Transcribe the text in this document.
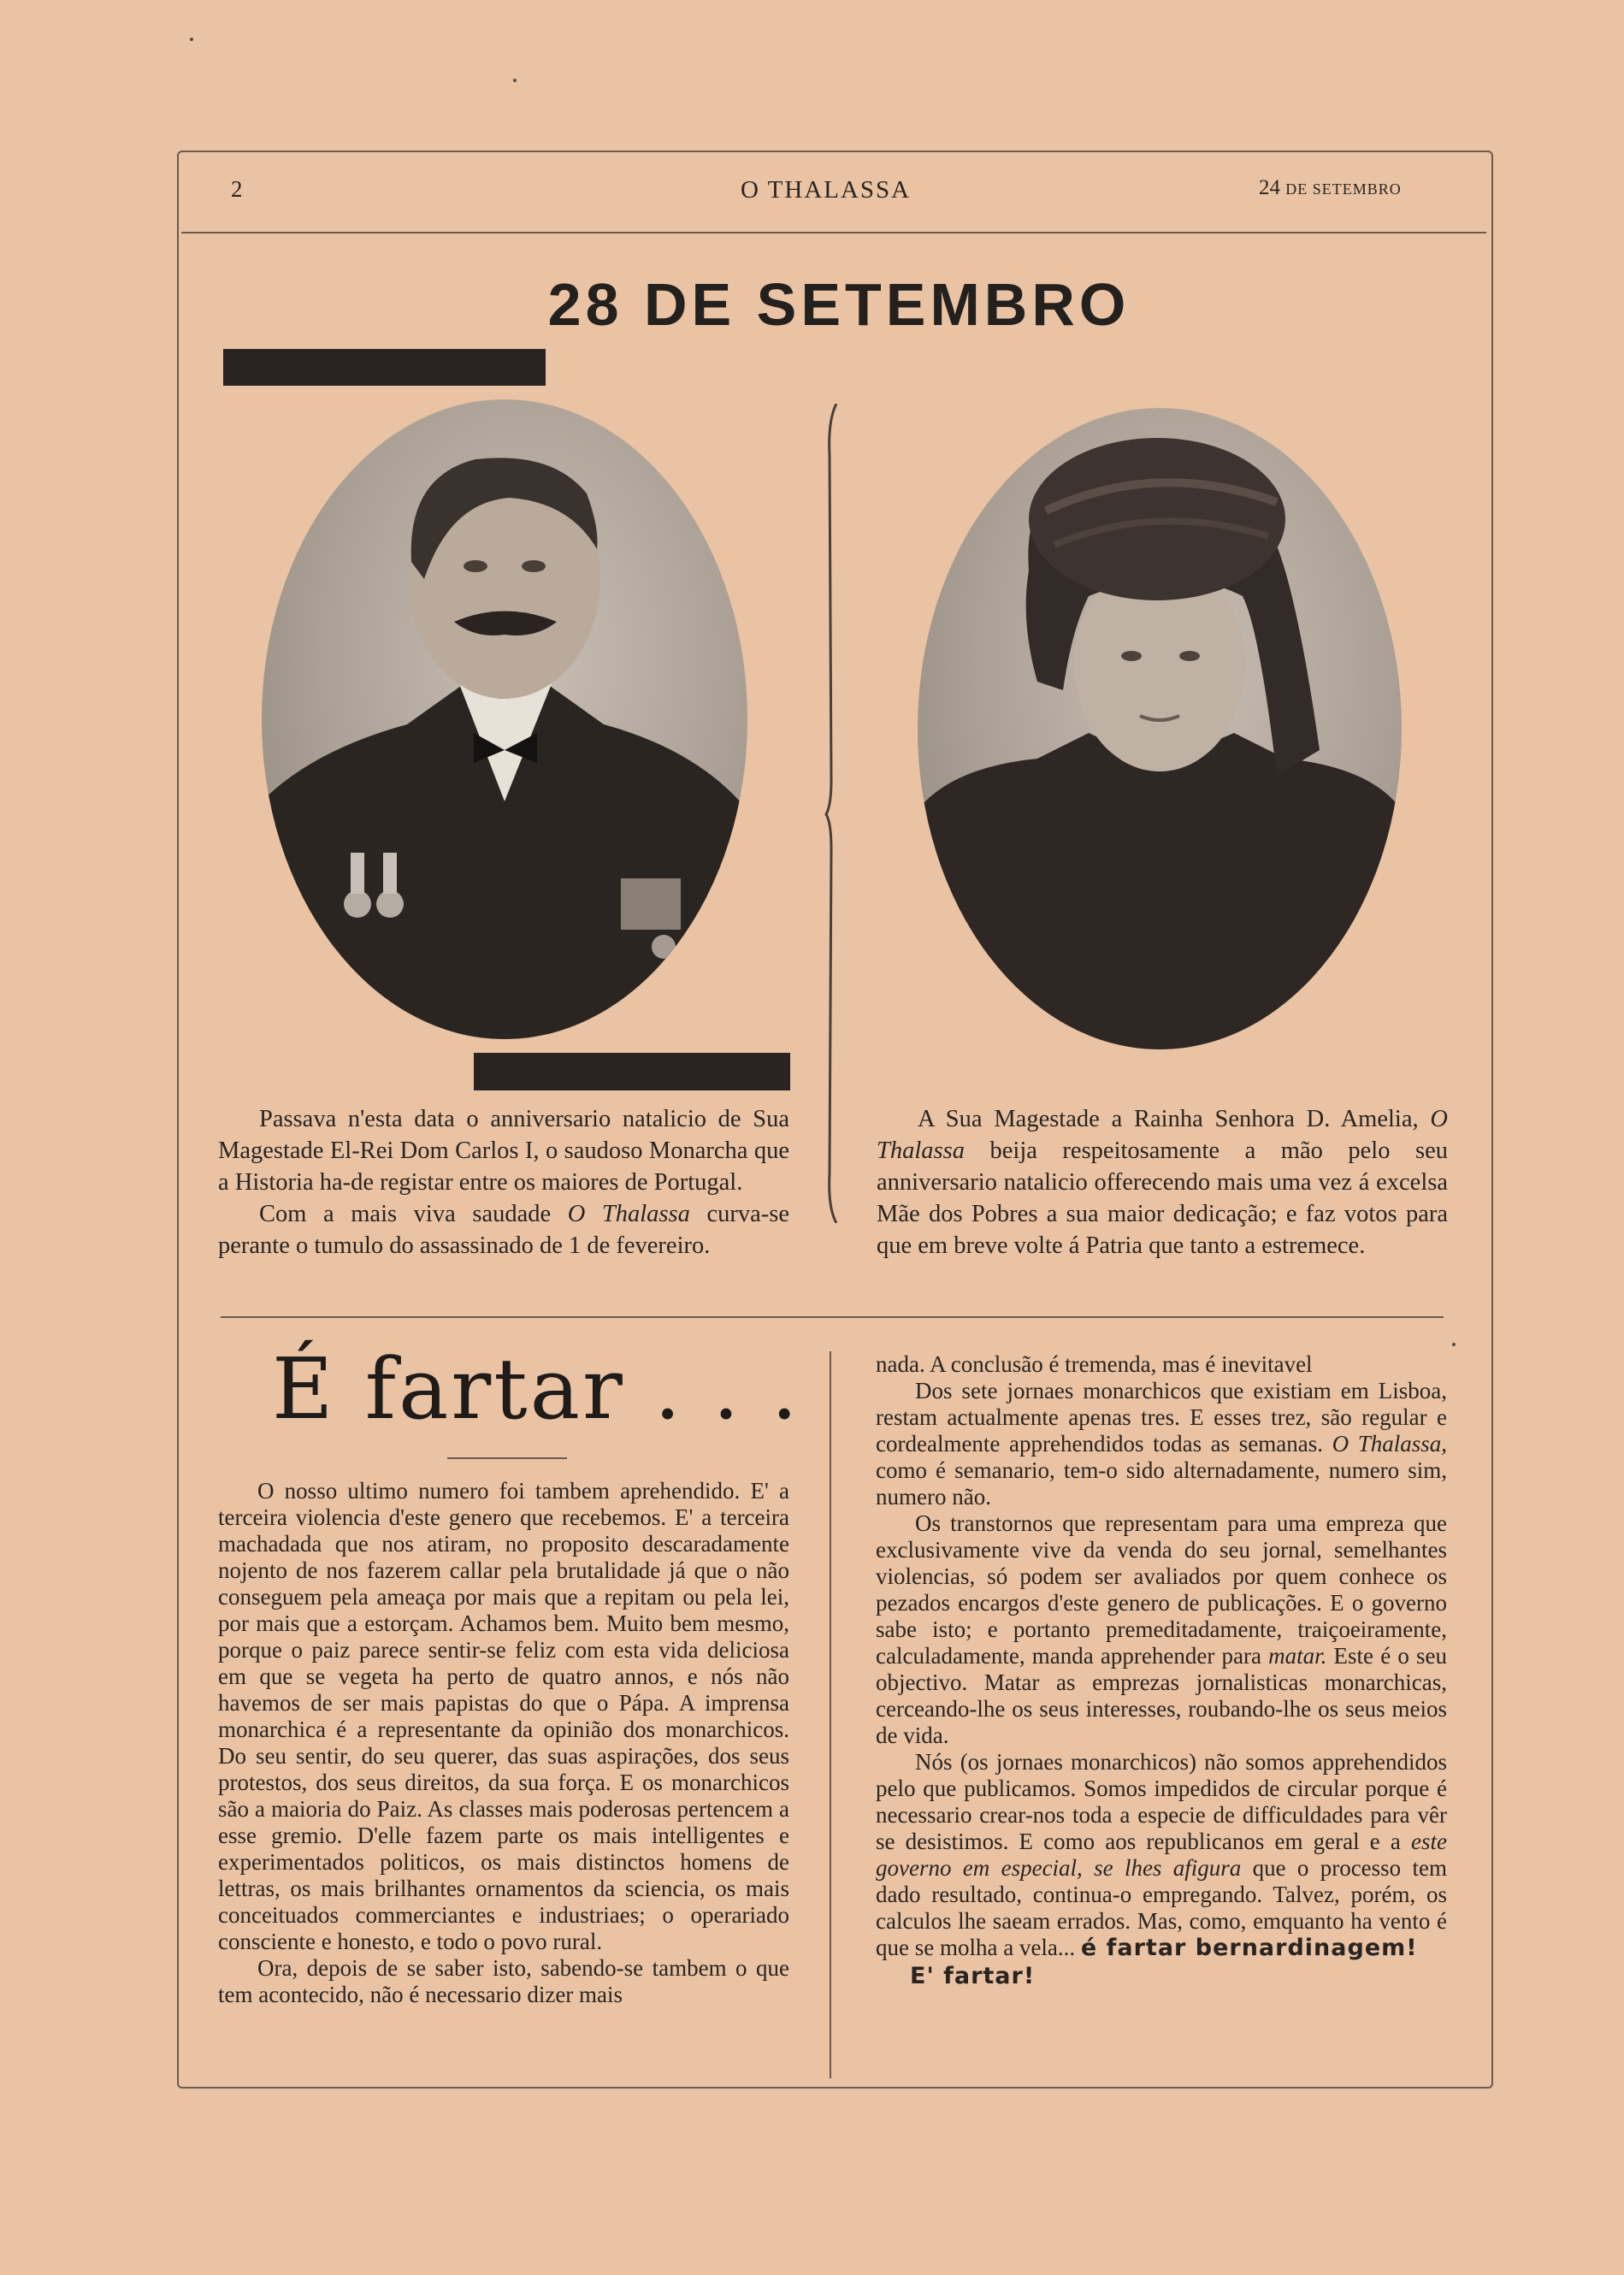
2	O THALASSA	24 DE SETEMBRO
28 DE SETEMBRO

Passava n'esta data o anniversario natalicio de Sua Magestade El-Rei Dom Carlos I, o saudoso Monarcha que a Historia ha-de registar entre os maiores de Portugal.

Com a mais viva saudade O Thalassa curva-se perante o tumulo do assassinado de 1 de fevereiro.

A Sua Magestade a Rainha Senhora D. Amelia, O Thalassa beija respeitosamente a mão pelo seu anniversario natalicio offerecendo mais uma vez á excelsa Mãe dos Pobres a sua maior dedicação; e faz votos para que em breve volte á Patria que tanto a estremece.

É fartar . . .

O nosso ultimo numero foi tambem aprehendido. E' a terceira violencia d'este genero que recebemos. E' a terceira machadada que nos atiram, no proposito descaradamente nojento de nos fazerem callar pela brutalidade já que o não conseguem pela ameaça por mais que a repitam ou pela lei, por mais que a estorçam. Achamos bem. Muito bem mesmo, porque o paiz parece sentir-se feliz com esta vida deliciosa em que se vegeta ha perto de quatro annos, e nós não havemos de ser mais papistas do que o Pápa. A imprensa monarchica é a representante da opinião dos monarchicos. Do seu sentir, do seu querer, das suas aspirações, dos seus protestos, dos seus direitos, da sua força. E os monarchicos são a maioria do Paiz. As classes mais poderosas pertencem a esse gremio. D'elle fazem parte os mais intelligentes e experimentados politicos, os mais distinctos homens de lettras, os mais brilhantes ornamentos da sciencia, os mais conceituados commerciantes e industriaes; o operariado consciente e honesto, e todo o povo rural.

Ora, depois de se saber isto, sabendo-se tambem o que tem acontecido, não é necessario dizer mais

nada. A conclusão é tremenda, mas é inevitavel

Dos sete jornaes monarchicos que existiam em Lisboa, restam actualmente apenas tres. E esses trez, são regular e cordealmente apprehendidos todas as semanas. O Thalassa, como é semanario, tem-o sido alternadamente, numero sim, numero não.

Os transtornos que representam para uma empreza que exclusivamente vive da venda do seu jornal, semelhantes violencias, só podem ser avaliados por quem conhece os pezados encargos d'este genero de publicações. E o governo sabe isto; e portanto premeditadamente, traiçoeiramente, calculadamente, manda apprehender para matar. Este é o seu objectivo. Matar as emprezas jornalisticas monarchicas, cerceando-lhe os seus interesses, roubando-lhe os seus meios de vida.

Nós (os jornaes monarchicos) não somos apprehendidos pelo que publicamos. Somos impedidos de circular porque é necessario crear-nos toda a especie de difficuldades para vêr se desistimos. E como aos republicanos em geral e a este governo em especial, se lhes afigura que o processo tem dado resultado, continua-o empregando. Talvez, porém, os calculos lhe saeam errados. Mas, como, emquanto ha vento é que se molha a vela... é fartar bernardinagem!

E' fartar!
